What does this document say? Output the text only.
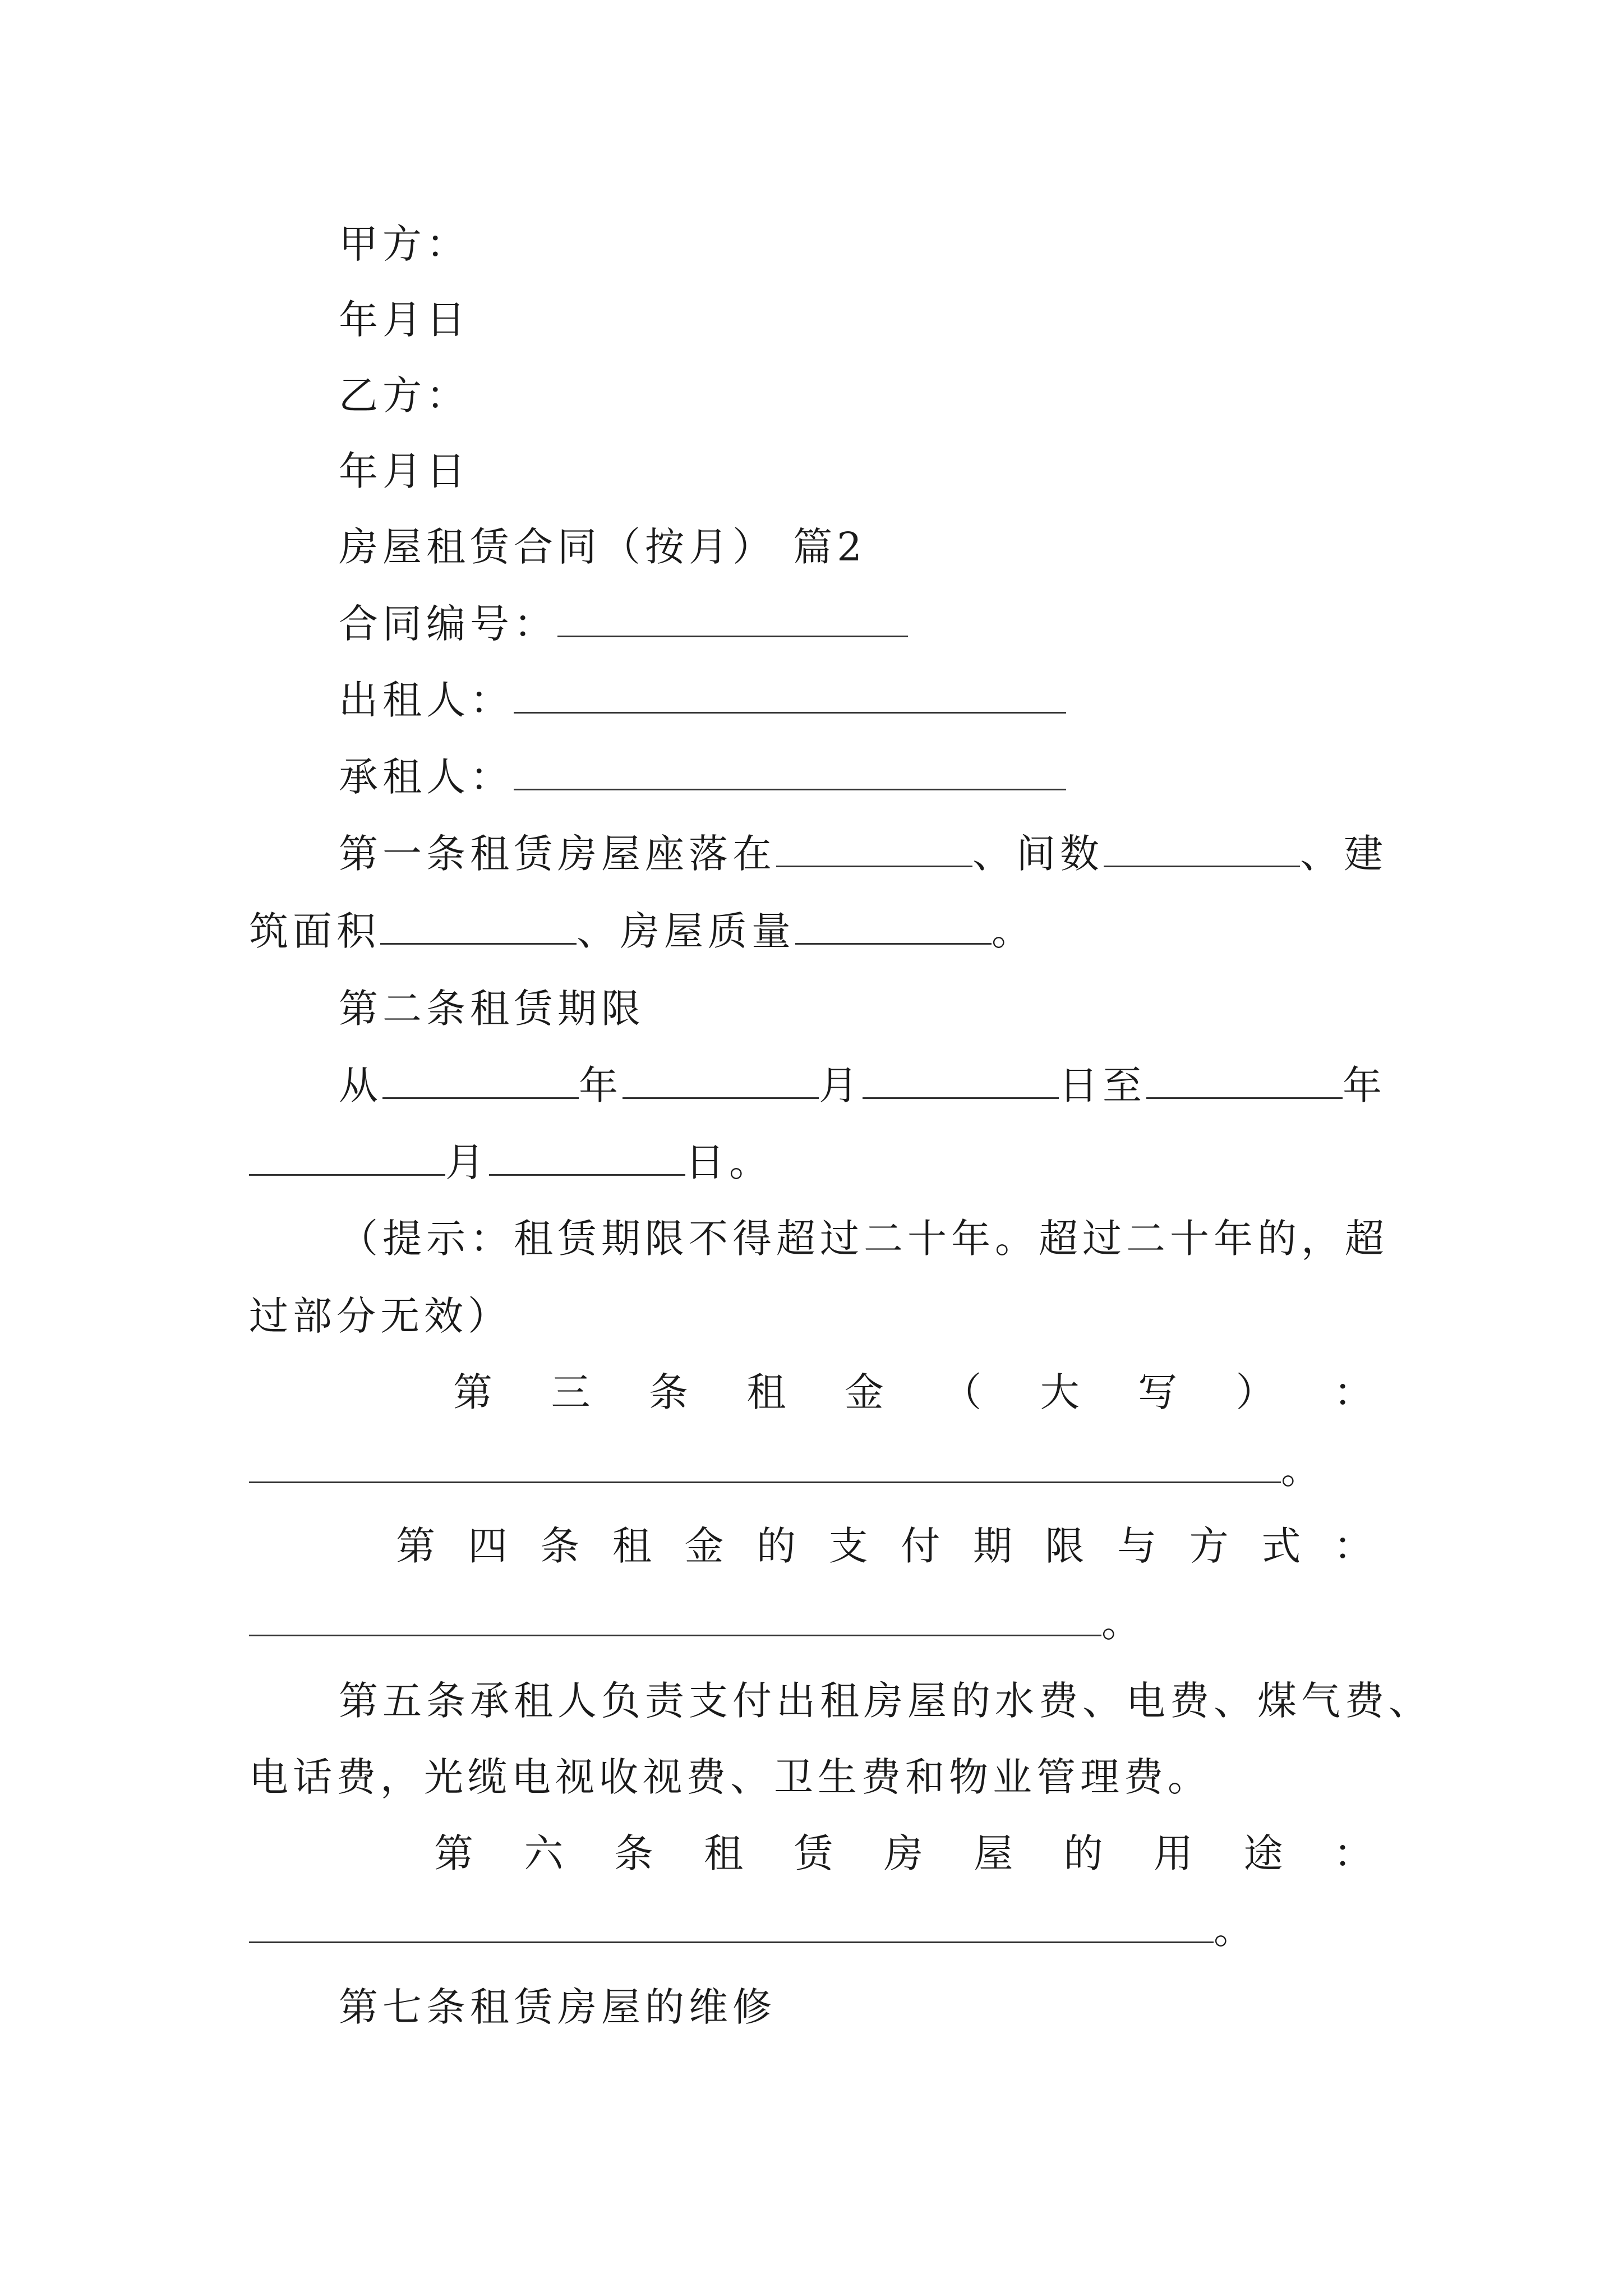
甲方：
年月日
乙方：
年月日
房屋租赁合同（按月） 篇2
合同编号：
出租人：
承租人：
第一条租赁房屋座落在	、间数	、建
筑面积	、房屋质量	。
第二条租赁期限
从	年	月	日至	年
月	日。
（提示：租赁期限不得超过二十年。超过二十年的，超
过部分无效）
第 三 条 租 金 （ 大 写 ） ：
。
第 四 条 租 金 的 支 付 期 限 与 方 式 ：
。
第五条承租人负责支付出租房屋的水费、电费、煤气费、
电话费，光缆电视收视费、卫生费和物业管理费。
第 六 条 租 赁 房 屋 的 用 途 ：
。
第七条租赁房屋的维修
